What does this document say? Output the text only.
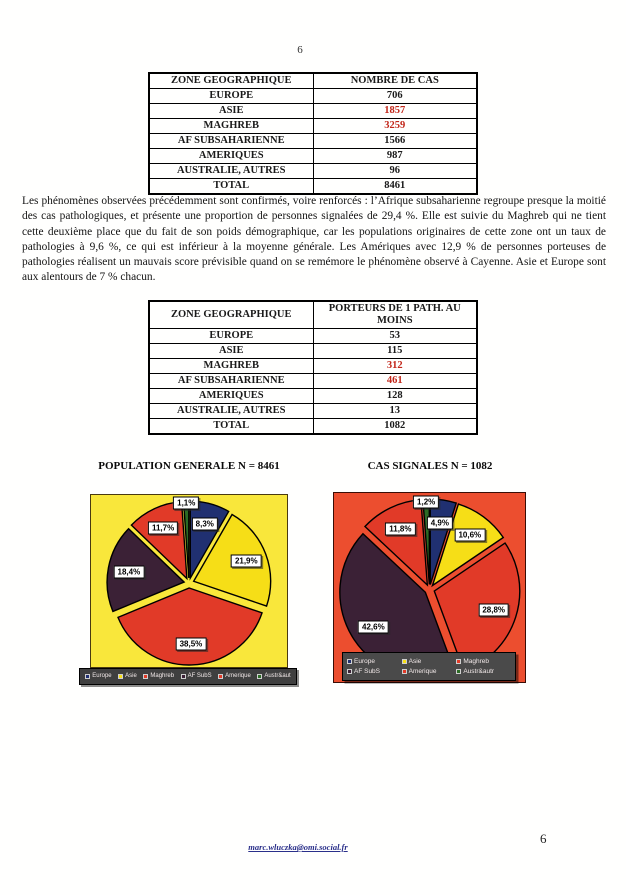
6
ZONE GEOGRAPHIQUE	NOMBRE DE CAS
EUROPE	706
ASIE	1857
MAGHREB	3259
AF SUBSAHARIENNE	1566
AMERIQUES	987
AUSTRALIE, AUTRES	96
TOTAL	8461

Les phénomènes observées précédemment sont confirmés, voire renforcés : l’Afrique subsaharienne regroupe presque la moitié des cas pathologiques, et présente une proportion de personnes signalées de 29,4 %. Elle est suivie du Maghreb qui ne tient cette deuxième place que du fait de son poids démographique, car les populations originaires de cette zone ont un taux de pathologies à 9,6 %, ce qui est inférieur à la moyenne générale. Les Amériques avec 12,9 % de personnes porteuses de pathologies réalisent un mauvais score prévisible quand on se remémore le phénomène observé à Cayenne. Asie et Europe sont aux alentours de 7 % chacun.

ZONE GEOGRAPHIQUE	PORTEURS DE 1 PATH. AU MOINS
EUROPE	53
ASIE	115
MAGHREB	312
AF SUBSAHARIENNE	461
AMERIQUES	128
AUSTRALIE, AUTRES	13
TOTAL	1082
POPULATION GENERALE N = 8461	CAS SIGNALES N = 1082
8,3%
21,9%
38,5%
18,4%
11,7%
1,1%
Europe Asie Maghreb AF SubS Amerique Austr&aut
4,9%
10,6%
28,8%
42,6%
11,8%
1,2%
Europe	Asie	Maghreb
AF SubS	Amerique	Austr&autr
marc.wluczka@omi.social.fr
6
